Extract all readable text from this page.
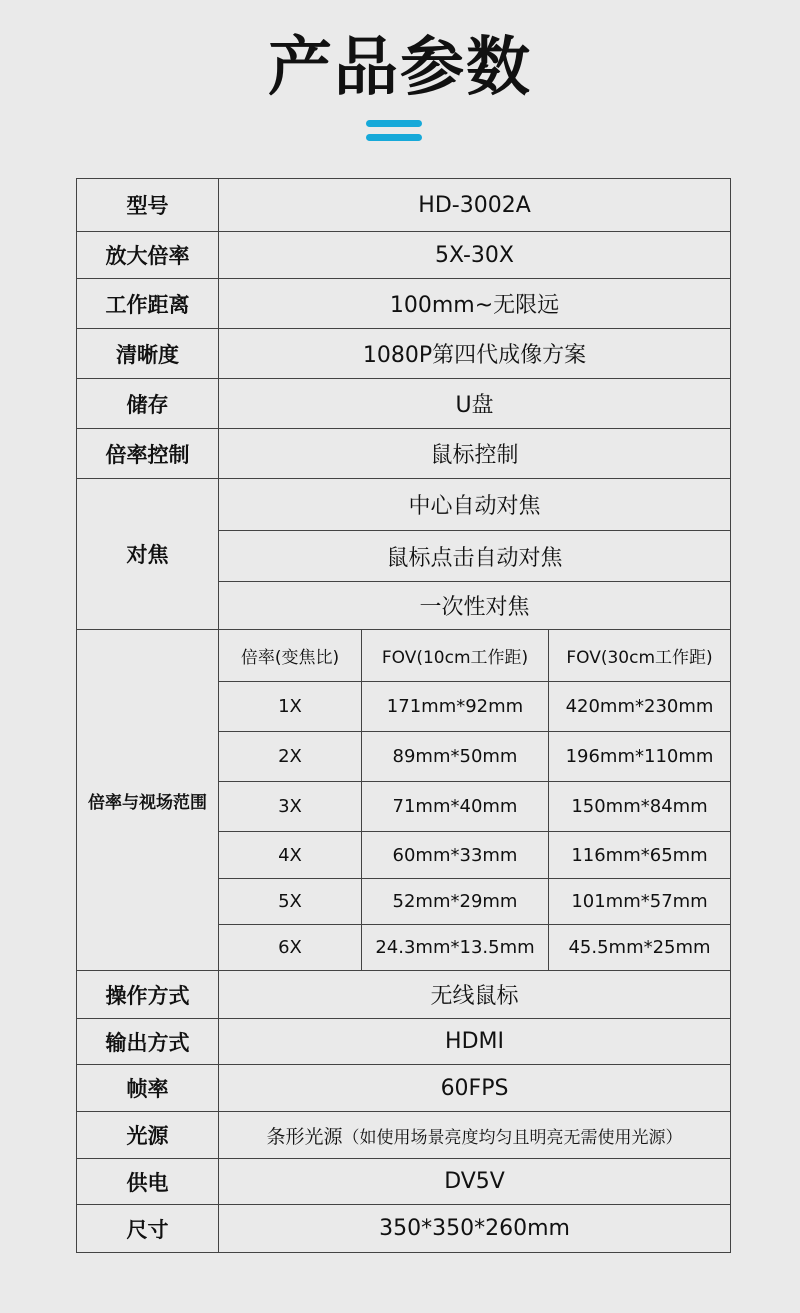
产品参数
型号	HD-3002A		
放大倍率	5X-30X		
工作距离	100mm~无限远		
清晰度	1080P第四代成像方案		
储存	U盘		
倍率控制	鼠标控制		
对焦	中心自动对焦		
	鼠标点击自动对焦		
	一次性对焦		
倍率与视场范围	倍率(变焦比)	FOV(10cm工作距)	FOV(30cm工作距)
	1X	171mm*92mm	420mm*230mm
	2X	89mm*50mm	196mm*110mm
	3X	71mm*40mm	150mm*84mm
	4X	60mm*33mm	116mm*65mm
	5X	52mm*29mm	101mm*57mm
	6X	24.3mm*13.5mm	45.5mm*25mm
操作方式	无线鼠标		
输出方式	HDMI		
帧率	60FPS		
光源	条形光源（如使用场景亮度均匀且明亮无需使用光源）		
供电	DV5V		
尺寸	350*350*260mm		
